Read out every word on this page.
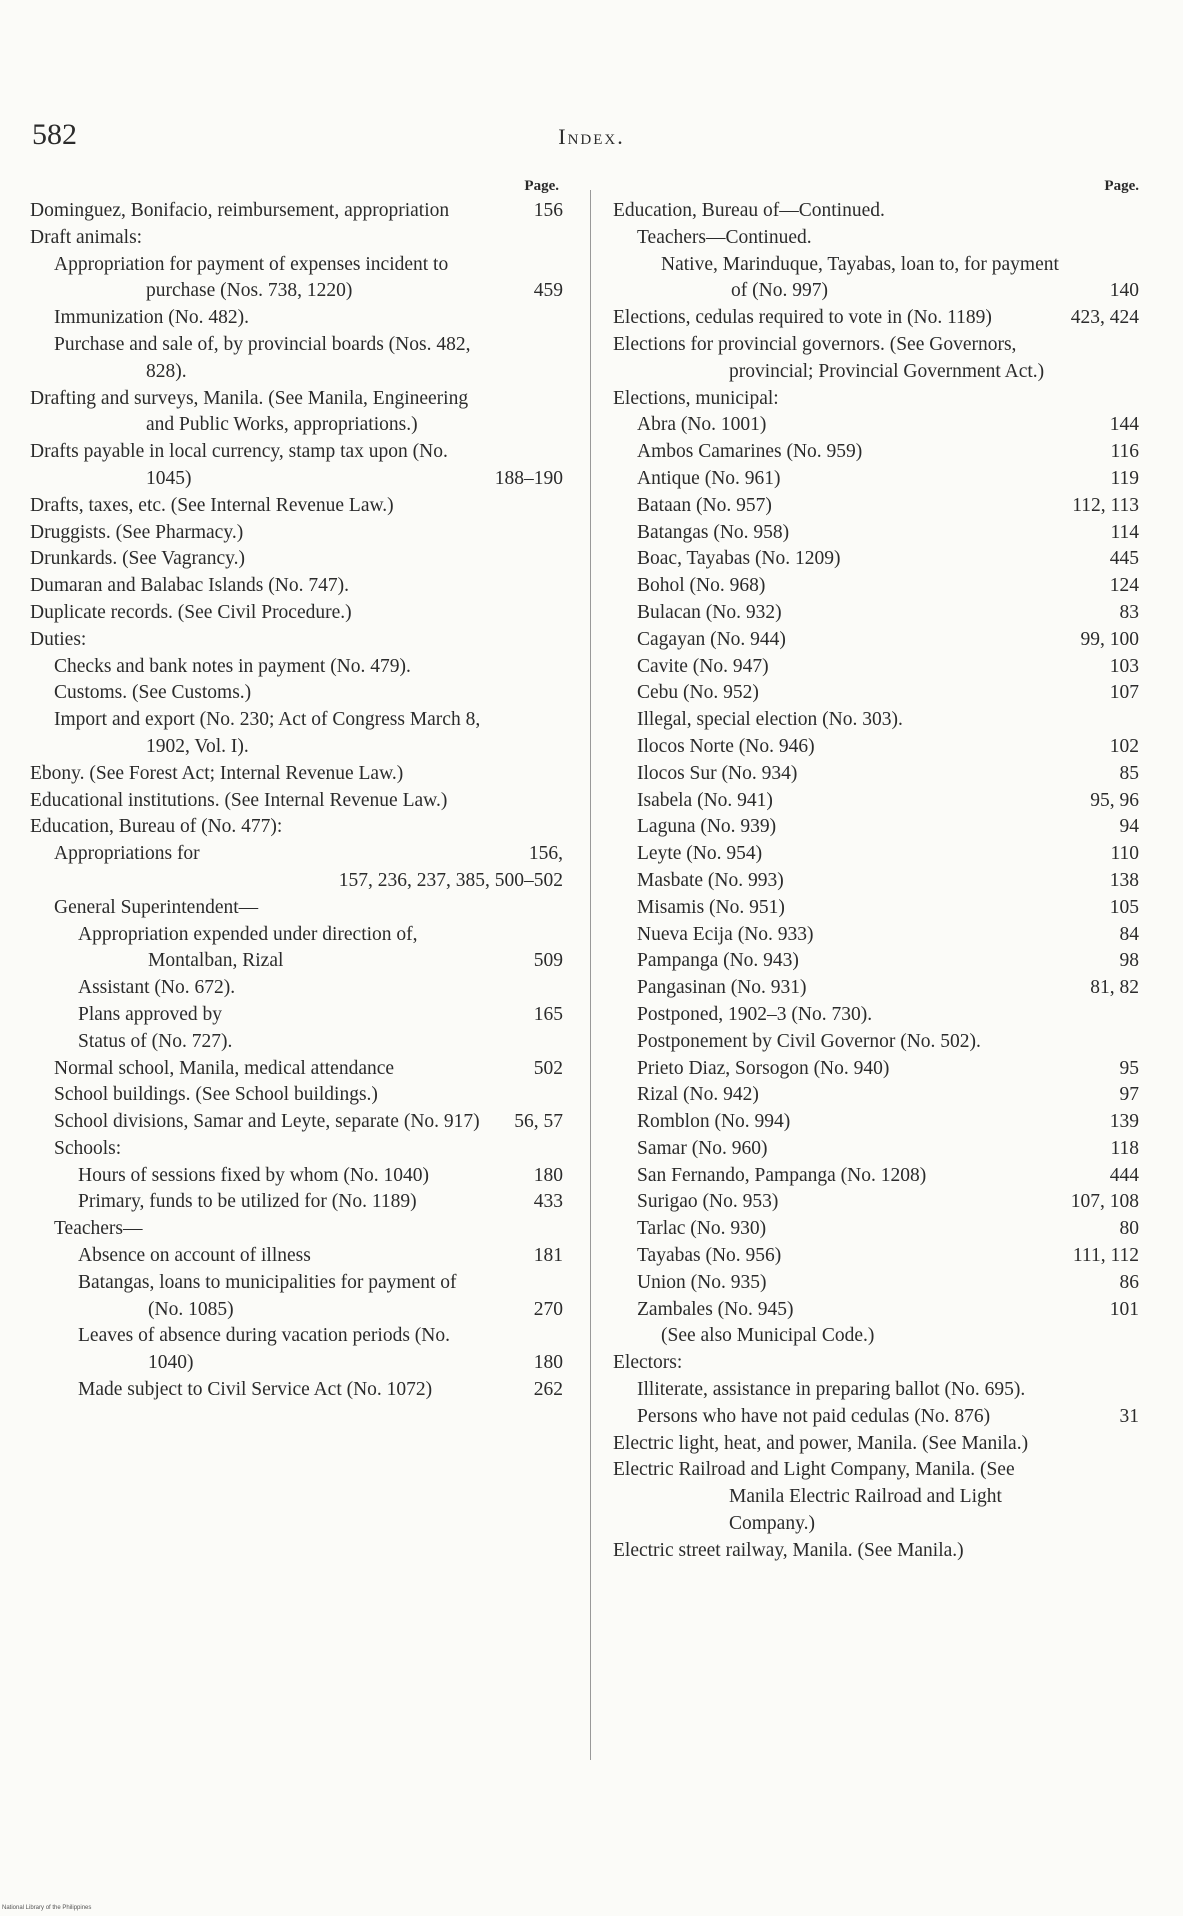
582	Index.
Page.
Dominguez, Bonifacio, reimbursement, appropriation	156
Draft animals:
Appropriation for payment of expenses incident to purchase (Nos. 738, 1220)	459
Immunization (No. 482).
Purchase and sale of, by provincial boards (Nos. 482, 828).
Drafting and surveys, Manila. (See Manila, Engineering and Public Works, appropriations.)
Drafts payable in local currency, stamp tax upon (No. 1045)	188–190
Drafts, taxes, etc. (See Internal Revenue Law.)
Druggists. (See Pharmacy.)
Drunkards. (See Vagrancy.)
Dumaran and Balabac Islands (No. 747).
Duplicate records. (See Civil Procedure.)
Duties:
Checks and bank notes in payment (No. 479).
Customs. (See Customs.)
Import and export (No. 230; Act of Congress March 8, 1902, Vol. I).
Ebony. (See Forest Act; Internal Revenue Law.)
Educational institutions. (See Internal Revenue Law.)
Education, Bureau of (No. 477):
Appropriations for	156,
157, 236, 237, 385, 500–502
General Superintendent—
Appropriation expended under direction of, Montalban, Rizal	509
Assistant (No. 672).
Plans approved by	165
Status of (No. 727).
Normal school, Manila, medical attendance	502
School buildings. (See School buildings.)
School divisions, Samar and Leyte, separate (No. 917)	56, 57
Schools:
Hours of sessions fixed by whom (No. 1040)	180
Primary, funds to be utilized for (No. 1189)	433
Teachers—
Absence on account of illness	181
Batangas, loans to municipalities for payment of (No. 1085)	270
Leaves of absence during vacation periods (No. 1040)	180
Made subject to Civil Service Act (No. 1072)	262
Page.
Education, Bureau of—Continued.
Teachers—Continued.
Native, Marinduque, Tayabas, loan to, for payment of (No. 997)	140
Elections, cedulas required to vote in (No. 1189)	423, 424
Elections for provincial governors. (See Governors, provincial; Provincial Government Act.)
Elections, municipal:
Abra (No. 1001)	144
Ambos Camarines (No. 959)	116
Antique (No. 961)	119
Bataan (No. 957)	112, 113
Batangas (No. 958)	114
Boac, Tayabas (No. 1209)	445
Bohol (No. 968)	124
Bulacan (No. 932)	83
Cagayan (No. 944)	99, 100
Cavite (No. 947)	103
Cebu (No. 952)	107
Illegal, special election (No. 303).
Ilocos Norte (No. 946)	102
Ilocos Sur (No. 934)	85
Isabela (No. 941)	95, 96
Laguna (No. 939)	94
Leyte (No. 954)	110
Masbate (No. 993)	138
Misamis (No. 951)	105
Nueva Ecija (No. 933)	84
Pampanga (No. 943)	98
Pangasinan (No. 931)	81, 82
Postponed, 1902–3 (No. 730).
Postponement by Civil Governor (No. 502).
Prieto Diaz, Sorsogon (No. 940)	95
Rizal (No. 942)	97
Romblon (No. 994)	139
Samar (No. 960)	118
San Fernando, Pampanga (No. 1208)	444
Surigao (No. 953)	107, 108
Tarlac (No. 930)	80
Tayabas (No. 956)	111, 112
Union (No. 935)	86
Zambales (No. 945)	101
(See also Municipal Code.)
Electors:
Illiterate, assistance in preparing ballot (No. 695).
Persons who have not paid cedulas (No. 876)	31
Electric light, heat, and power, Manila. (See Manila.)
Electric Railroad and Light Company, Manila. (See Manila Electric Railroad and Light Company.)
Electric street railway, Manila. (See Manila.)
National Library of the Philippines
